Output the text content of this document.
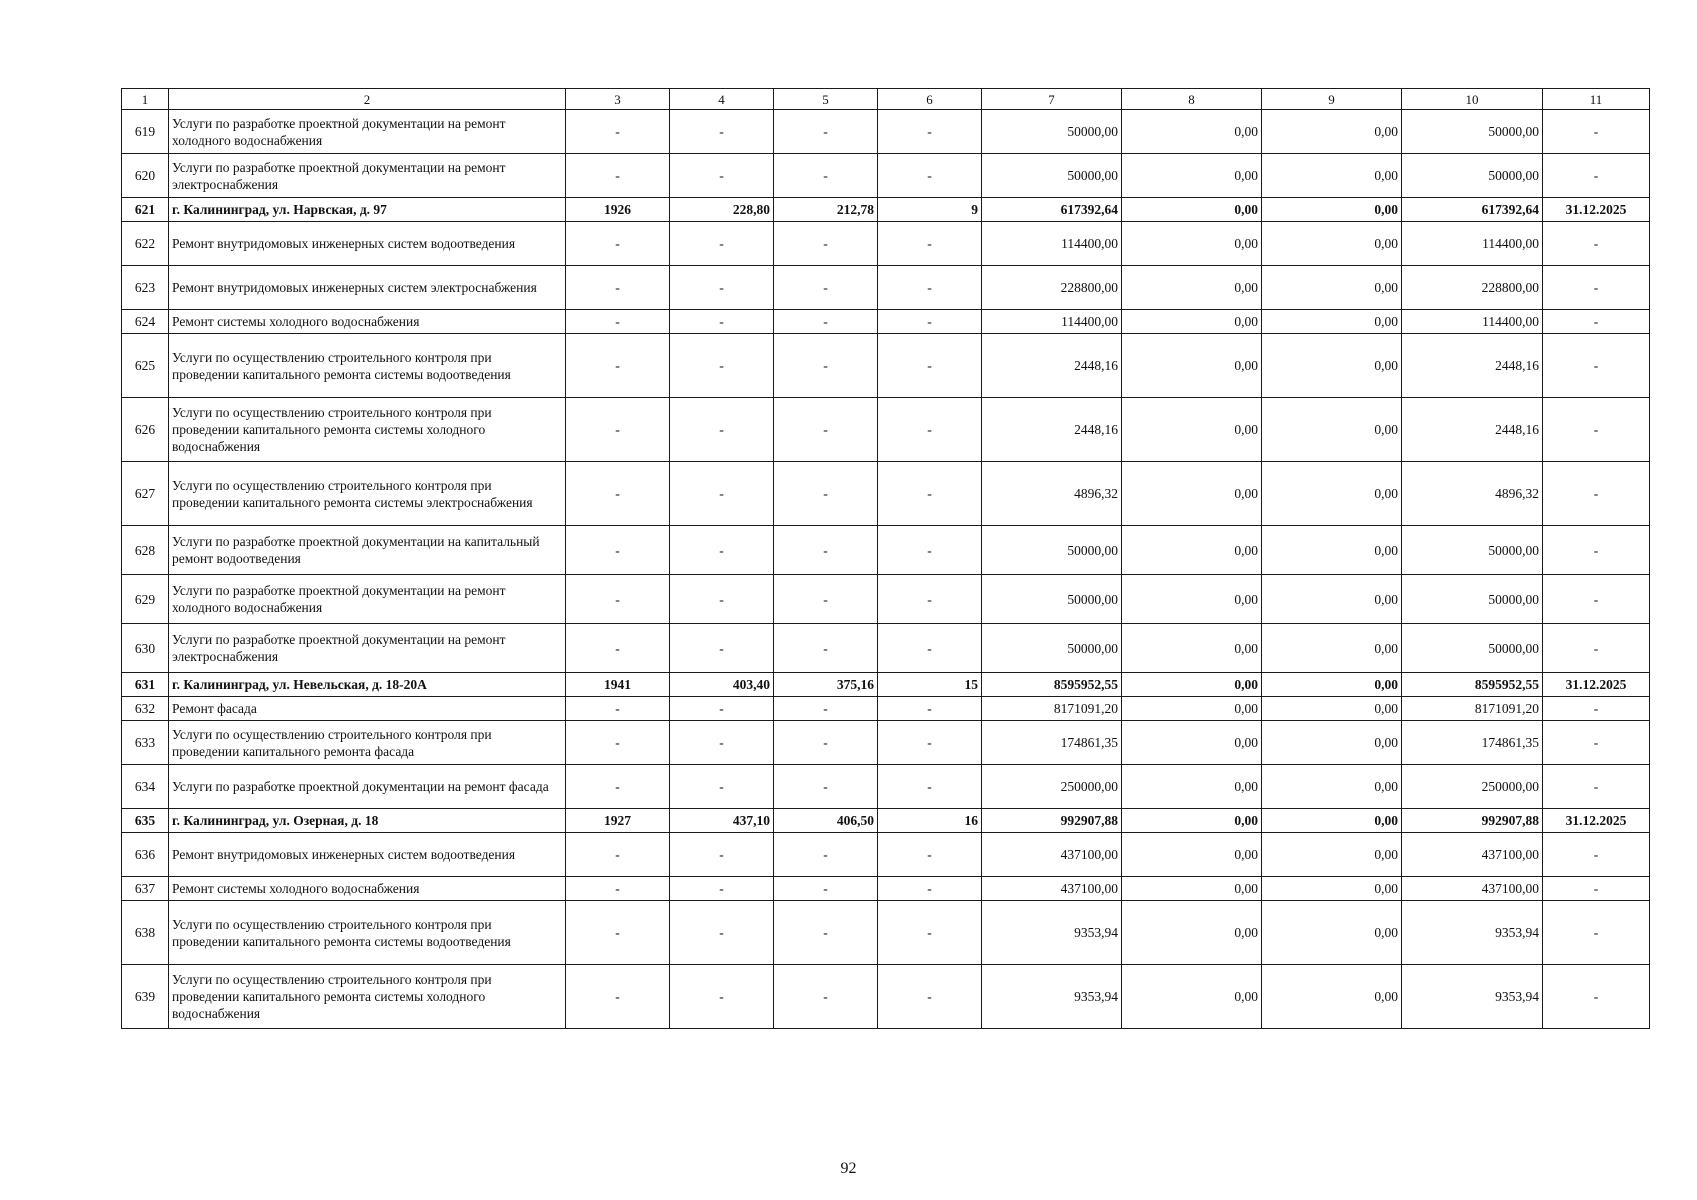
1	2	3	4	5	6	7	8	9	10	11
619	Услуги по разработке проектной документации на ремонт холодного водоснабжения	-	-	-	-	50000,00	0,00	0,00	50000,00	-
620	Услуги по разработке проектной документации на ремонт электроснабжения	-	-	-	-	50000,00	0,00	0,00	50000,00	-
621	г. Калининград, ул. Нарвская, д. 97	1926	228,80	212,78	9	617392,64	0,00	0,00	617392,64	31.12.2025
622	Ремонт внутридомовых инженерных систем водоотведения	-	-	-	-	114400,00	0,00	0,00	114400,00	-
623	Ремонт внутридомовых инженерных систем электроснабжения	-	-	-	-	228800,00	0,00	0,00	228800,00	-
624	Ремонт системы холодного водоснабжения	-	-	-	-	114400,00	0,00	0,00	114400,00	-
625	Услуги по осуществлению строительного контроля при проведении капитального ремонта системы водоотведения	-	-	-	-	2448,16	0,00	0,00	2448,16	-
626	Услуги по осуществлению строительного контроля при проведении капитального ремонта системы холодного водоснабжения	-	-	-	-	2448,16	0,00	0,00	2448,16	-
627	Услуги по осуществлению строительного контроля при проведении капитального ремонта системы электроснабжения	-	-	-	-	4896,32	0,00	0,00	4896,32	-
628	Услуги по разработке проектной документации на капитальный ремонт водоотведения	-	-	-	-	50000,00	0,00	0,00	50000,00	-
629	Услуги по разработке проектной документации на ремонт холодного водоснабжения	-	-	-	-	50000,00	0,00	0,00	50000,00	-
630	Услуги по разработке проектной документации на ремонт электроснабжения	-	-	-	-	50000,00	0,00	0,00	50000,00	-
631	г. Калининград, ул. Невельская, д. 18-20А	1941	403,40	375,16	15	8595952,55	0,00	0,00	8595952,55	31.12.2025
632	Ремонт фасада	-	-	-	-	8171091,20	0,00	0,00	8171091,20	-
633	Услуги по осуществлению строительного контроля при проведении капитального ремонта фасада	-	-	-	-	174861,35	0,00	0,00	174861,35	-
634	Услуги по разработке проектной документации на ремонт фасада	-	-	-	-	250000,00	0,00	0,00	250000,00	-
635	г. Калининград, ул. Озерная, д. 18	1927	437,10	406,50	16	992907,88	0,00	0,00	992907,88	31.12.2025
636	Ремонт внутридомовых инженерных систем водоотведения	-	-	-	-	437100,00	0,00	0,00	437100,00	-
637	Ремонт системы холодного водоснабжения	-	-	-	-	437100,00	0,00	0,00	437100,00	-
638	Услуги по осуществлению строительного контроля при проведении капитального ремонта системы водоотведения	-	-	-	-	9353,94	0,00	0,00	9353,94	-
639	Услуги по осуществлению строительного контроля при проведении капитального ремонта системы холодного водоснабжения	-	-	-	-	9353,94	0,00	0,00	9353,94	-
92
